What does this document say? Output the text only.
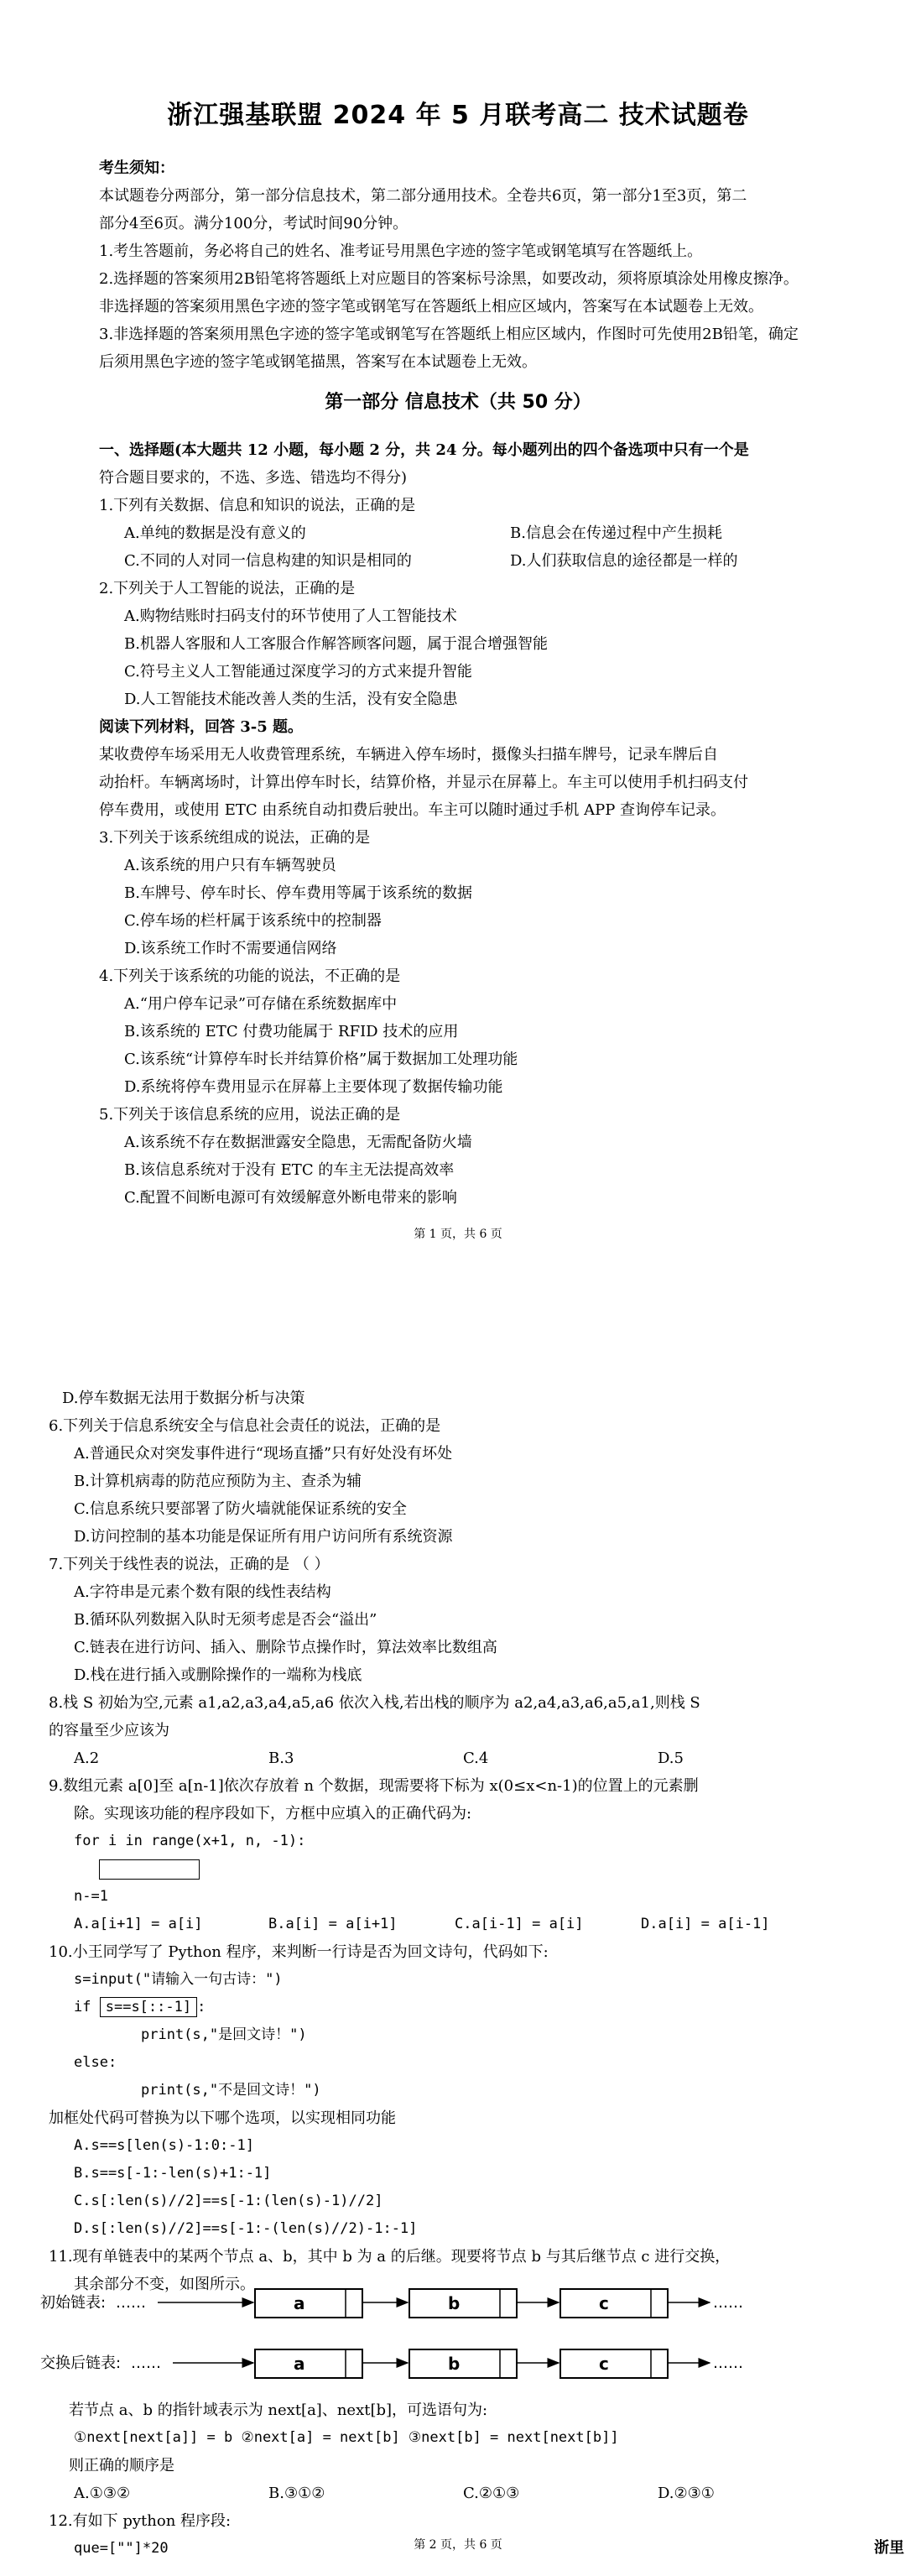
浙江强基联盟 2024 年 5 月联考高二 技术试题卷
考生须知：
本试题卷分两部分，第一部分信息技术，第二部分通用技术。全卷共6页，第一部分1至3页，第二
部分4至6页。满分100分，考试时间90分钟。
1.考生答题前，务必将自己的姓名、准考证号用黑色字迹的签字笔或钢笔填写在答题纸上。
2.选择题的答案须用2B铅笔将答题纸上对应题目的答案标号涂黑，如要改动，须将原填涂处用橡皮擦净。
非选择题的答案须用黑色字迹的签字笔或钢笔写在答题纸上相应区域内，答案写在本试题卷上无效。
3.非选择题的答案须用黑色字迹的签字笔或钢笔写在答题纸上相应区域内，作图时可先使用2B铅笔，确定
后须用黑色字迹的签字笔或钢笔描黑，答案写在本试题卷上无效。
第一部分 信息技术（共 50 分）
一、选择题(本大题共 12 小题，每小题 2 分，共 24 分。每小题列出的四个备选项中只有一个是
符合题目要求的，不选、多选、错选均不得分)
1.下列有关数据、信息和知识的说法，正确的是
A.单纯的数据是没有意义的	B.信息会在传递过程中产生损耗
C.不同的人对同一信息构建的知识是相同的	D.人们获取信息的途径都是一样的
2.下列关于人工智能的说法，正确的是
A.购物结账时扫码支付的环节使用了人工智能技术
B.机器人客服和人工客服合作解答顾客问题，属于混合增强智能
C.符号主义人工智能通过深度学习的方式来提升智能
D.人工智能技术能改善人类的生活，没有安全隐患
阅读下列材料，回答 3-5 题。
某收费停车场采用无人收费管理系统，车辆进入停车场时，摄像头扫描车牌号，记录车牌后自
动抬杆。车辆离场时，计算出停车时长，结算价格，并显示在屏幕上。车主可以使用手机扫码支付
停车费用，或使用 ETC 由系统自动扣费后驶出。车主可以随时通过手机 APP 查询停车记录。
3.下列关于该系统组成的说法，正确的是
A.该系统的用户只有车辆驾驶员
B.车牌号、停车时长、停车费用等属于该系统的数据
C.停车场的栏杆属于该系统中的控制器
D.该系统工作时不需要通信网络
4.下列关于该系统的功能的说法，不正确的是
A.“用户停车记录”可存储在系统数据库中
B.该系统的 ETC 付费功能属于 RFID 技术的应用
C.该系统“计算停车时长并结算价格”属于数据加工处理功能
D.系统将停车费用显示在屏幕上主要体现了数据传输功能
5.下列关于该信息系统的应用，说法正确的是
A.该系统不存在数据泄露安全隐患，无需配备防火墙
B.该信息系统对于没有 ETC 的车主无法提高效率
C.配置不间断电源可有效缓解意外断电带来的影响
第 1 页，共 6 页
D.停车数据无法用于数据分析与决策
6.下列关于信息系统安全与信息社会责任的说法，正确的是
A.普通民众对突发事件进行“现场直播”只有好处没有坏处
B.计算机病毒的防范应预防为主、查杀为辅
C.信息系统只要部署了防火墙就能保证系统的安全
D.访问控制的基本功能是保证所有用户访问所有系统资源
7.下列关于线性表的说法，正确的是 （ ）
A.字符串是元素个数有限的线性表结构
B.循环队列数据入队时无须考虑是否会“溢出”
C.链表在进行访问、插入、删除节点操作时，算法效率比数组高
D.栈在进行插入或删除操作的一端称为栈底
8.栈 S 初始为空,元素 a1,a2,a3,a4,a5,a6 依次入栈,若出栈的顺序为 a2,a4,a3,a6,a5,a1,则栈 S
的容量至少应该为
A.2	B.3	C.4	D.5
9.数组元素 a[0]至 a[n-1]依次存放着 n 个数据，现需要将下标为 x(0≤x<n-1)的位置上的元素删
除。实现该功能的程序段如下，方框中应填入的正确代码为:
for i in range(x+1, n, -1):
n-=1
A.a[i+1] = a[i]	B.a[i] = a[i+1]	C.a[i-1] = a[i]	D.a[i] = a[i-1]
10.小王同学写了 Python 程序，来判断一行诗是否为回文诗句，代码如下:
s=input("请输入一句古诗：")
if s==s[::-1] :
print(s,"是回文诗！")
else:
print(s,"不是回文诗！")
加框处代码可替换为以下哪个选项，以实现相同功能
A.s==s[len(s)-1:0:-1]
B.s==s[-1:-len(s)+1:-1]
C.s[:len(s)//2]==s[-1:(len(s)-1)//2]
D.s[:len(s)//2]==s[-1:-(len(s)//2)-1:-1]
11.现有单链表中的某两个节点 a、b，其中 b 为 a 的后继。现要将节点 b 与其后继节点 c 进行交换，
其余部分不变，如图所示。
初始链表: ……	a	b	c	……
交换后链表: ……	a	b	c	……
若节点 a、b 的指针域表示为 next[a]、next[b]，可选语句为:
①next[next[a]] = b ②next[a] = next[b] ③next[b] = next[next[b]]
则正确的顺序是
A.①③②	B.③①②	C.②①③	D.②③①
12.有如下 python 程序段:
que=[""]*20	第 2 页，共 6 页	浙里
